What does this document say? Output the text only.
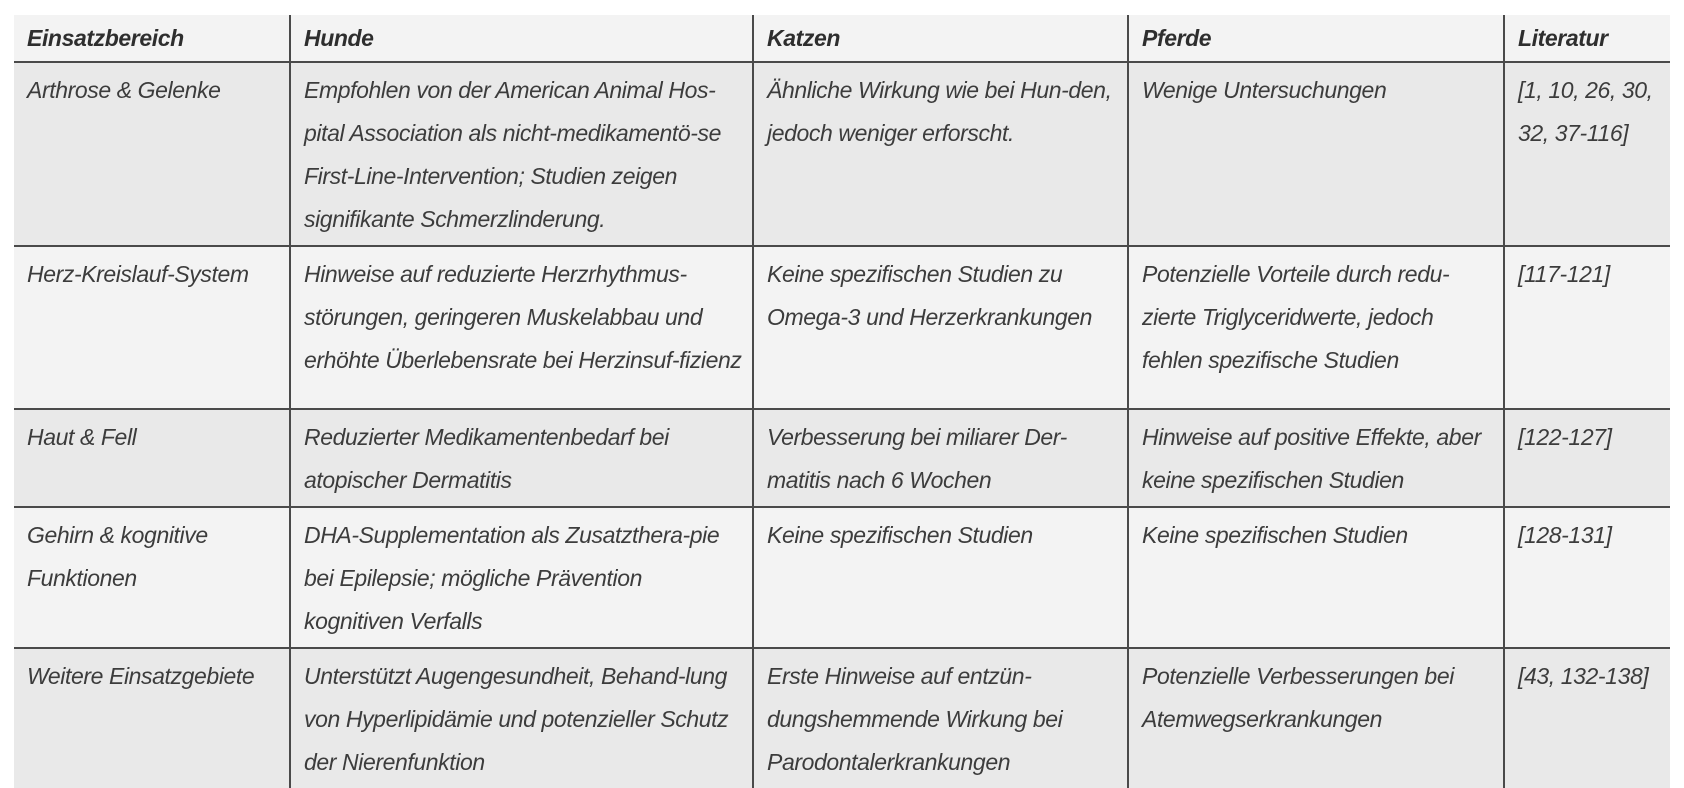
Einsatzbereich	Hunde	Katzen	Pferde	Literatur
Arthrose & Gelenke	Empfohlen von der American Animal Hos-pital Association als nicht-medikamentö-se First-Line-Intervention; Studien zeigen signifikante Schmerzlinderung.	Ähnliche Wirkung wie bei Hun-den, jedoch weniger erforscht.	Wenige Untersuchungen	[1, 10, 26, 30, 32, 37-116]
Herz-Kreislauf-System	Hinweise auf reduzierte Herzrhythmus-störungen, geringeren Muskelabbau und erhöhte Überlebensrate bei Herzinsuf-fizienz	Keine spezifischen Studien zu Omega-3 und Herzerkrankungen	Potenzielle Vorteile durch redu-zierte Triglyceridwerte, jedoch fehlen spezifische Studien	[117-121]
Haut & Fell	Reduzierter Medikamentenbedarf bei atopischer Dermatitis	Verbesserung bei miliarer Der-matitis nach 6 Wochen	Hinweise auf positive Effekte, aber keine spezifischen Studien	[122-127]
Gehirn & kognitive Funktionen	DHA-Supplementation als Zusatzthera-pie bei Epilepsie; mögliche Prävention kognitiven Verfalls	Keine spezifischen Studien	Keine spezifischen Studien	[128-131]
Weitere Einsatzgebiete	Unterstützt Augengesundheit, Behand-lung von Hyperlipidämie und potenzieller Schutz der Nierenfunktion	Erste Hinweise auf entzün-dungshemmende Wirkung bei Parodontalerkrankungen	Potenzielle Verbesserungen bei Atemwegserkrankungen	[43, 132-138]
